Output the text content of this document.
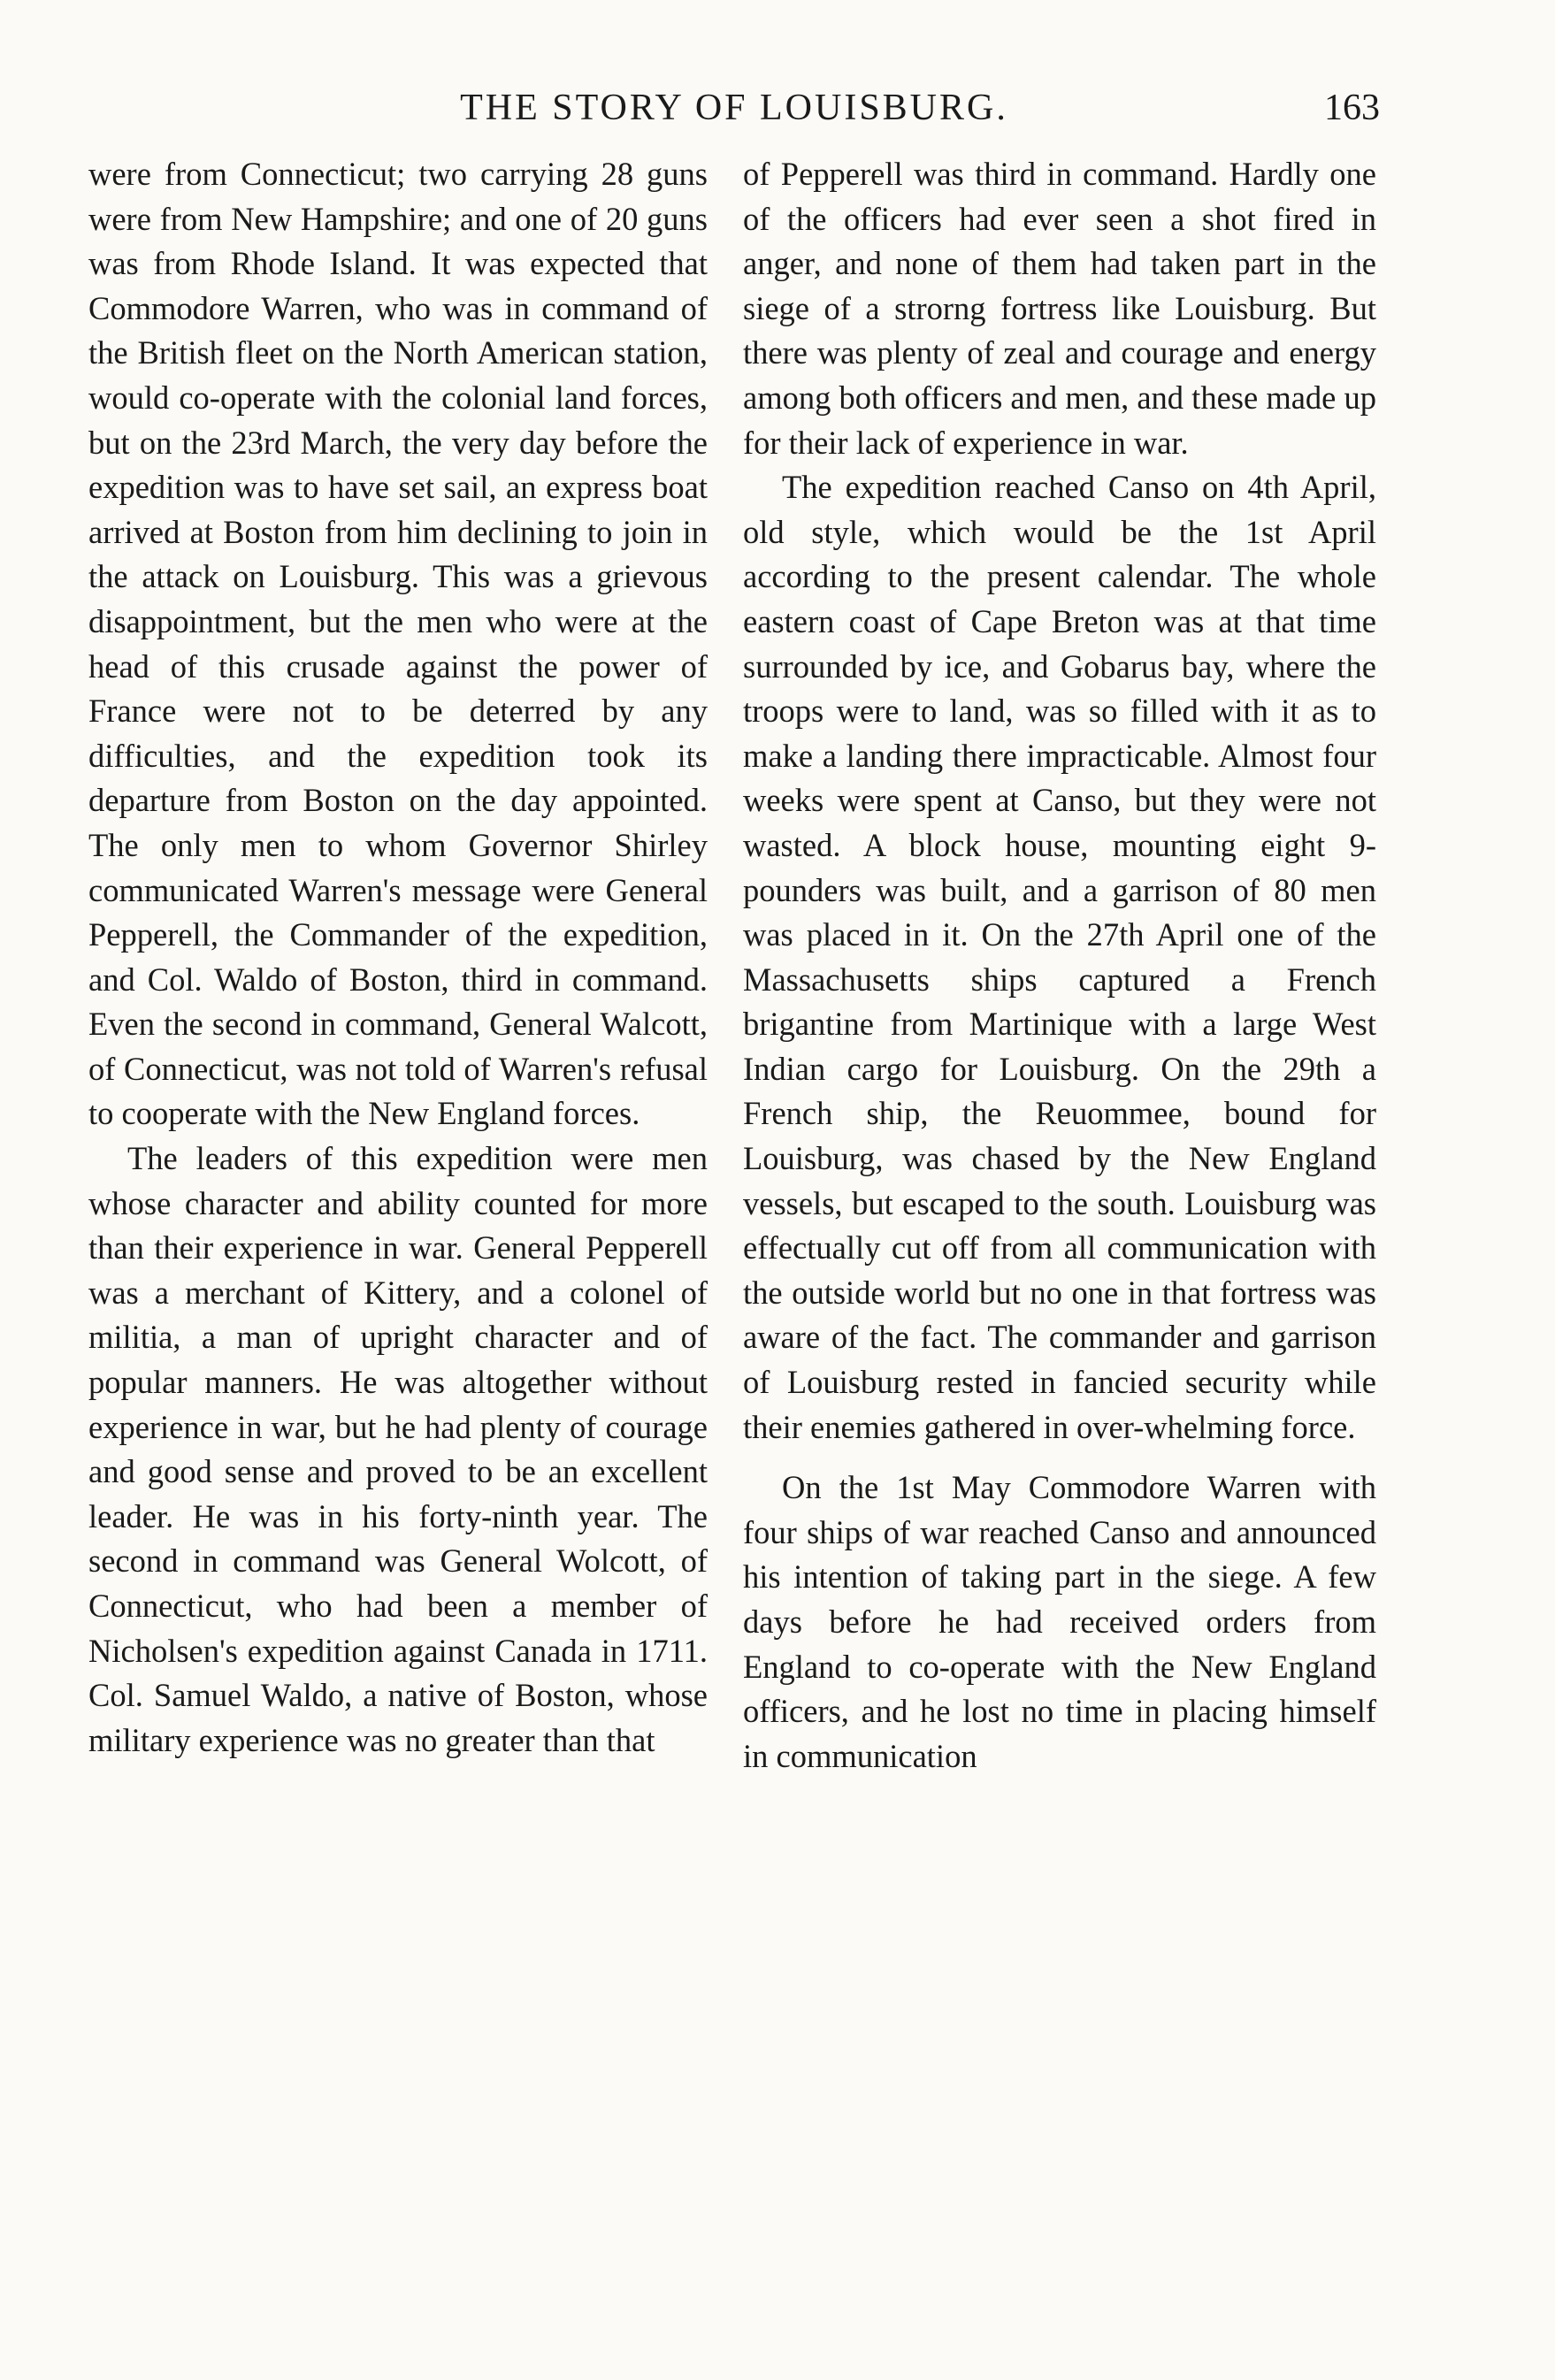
THE STORY OF LOUISBURG.	163

were from Connecticut; two carrying 28 guns were from New Hampshire; and one of 20 guns was from Rhode Island. It was expected that Commodore Warren, who was in command of the British fleet on the North American station, would co-operate with the colonial land forces, but on the 23rd March, the very day before the expedition was to have set sail, an express boat arrived at Boston from him declining to join in the attack on Louisburg. This was a grievous disappointment, but the men who were at the head of this crusade against the power of France were not to be deterred by any difficulties, and the expedition took its departure from Boston on the day appointed. The only men to whom Governor Shirley communicated Warren's message were General Pepperell, the Commander of the expedition, and Col. Waldo of Boston, third in command. Even the second in command, General Walcott, of Connecticut, was not told of Warren's refusal to cooperate with the New England forces.

The leaders of this expedition were men whose character and ability counted for more than their experience in war. General Pepperell was a merchant of Kittery, and a colonel of militia, a man of upright character and of popular manners. He was altogether without experience in war, but he had plenty of courage and good sense and proved to be an excellent leader. He was in his forty-ninth year. The second in command was General Wolcott, of Connecticut, who had been a member of Nicholsen's expedition against Canada in 1711. Col. Samuel Waldo, a native of Boston, whose military experience was no greater than that

of Pepperell was third in command. Hardly one of the officers had ever seen a shot fired in anger, and none of them had taken part in the siege of a strorng fortress like Louisburg. But there was plenty of zeal and courage and energy among both officers and men, and these made up for their lack of experience in war.

The expedition reached Canso on 4th April, old style, which would be the 1st April according to the present calendar. The whole eastern coast of Cape Breton was at that time surrounded by ice, and Gobarus bay, where the troops were to land, was so filled with it as to make a landing there impracticable. Almost four weeks were spent at Canso, but they were not wasted. A block house, mounting eight 9-pounders was built, and a garrison of 80 men was placed in it. On the 27th April one of the Massachusetts ships captured a French brigantine from Martinique with a large West Indian cargo for Louisburg. On the 29th a French ship, the Reuommee, bound for Louisburg, was chased by the New England vessels, but escaped to the south. Louisburg was effectually cut off from all communication with the outside world but no one in that fortress was aware of the fact. The commander and garrison of Louisburg rested in fancied security while their enemies gathered in over-whelming force.

On the 1st May Commodore Warren with four ships of war reached Canso and announced his intention of taking part in the siege. A few days before he had received orders from England to co-operate with the New England officers, and he lost no time in placing himself in communication
